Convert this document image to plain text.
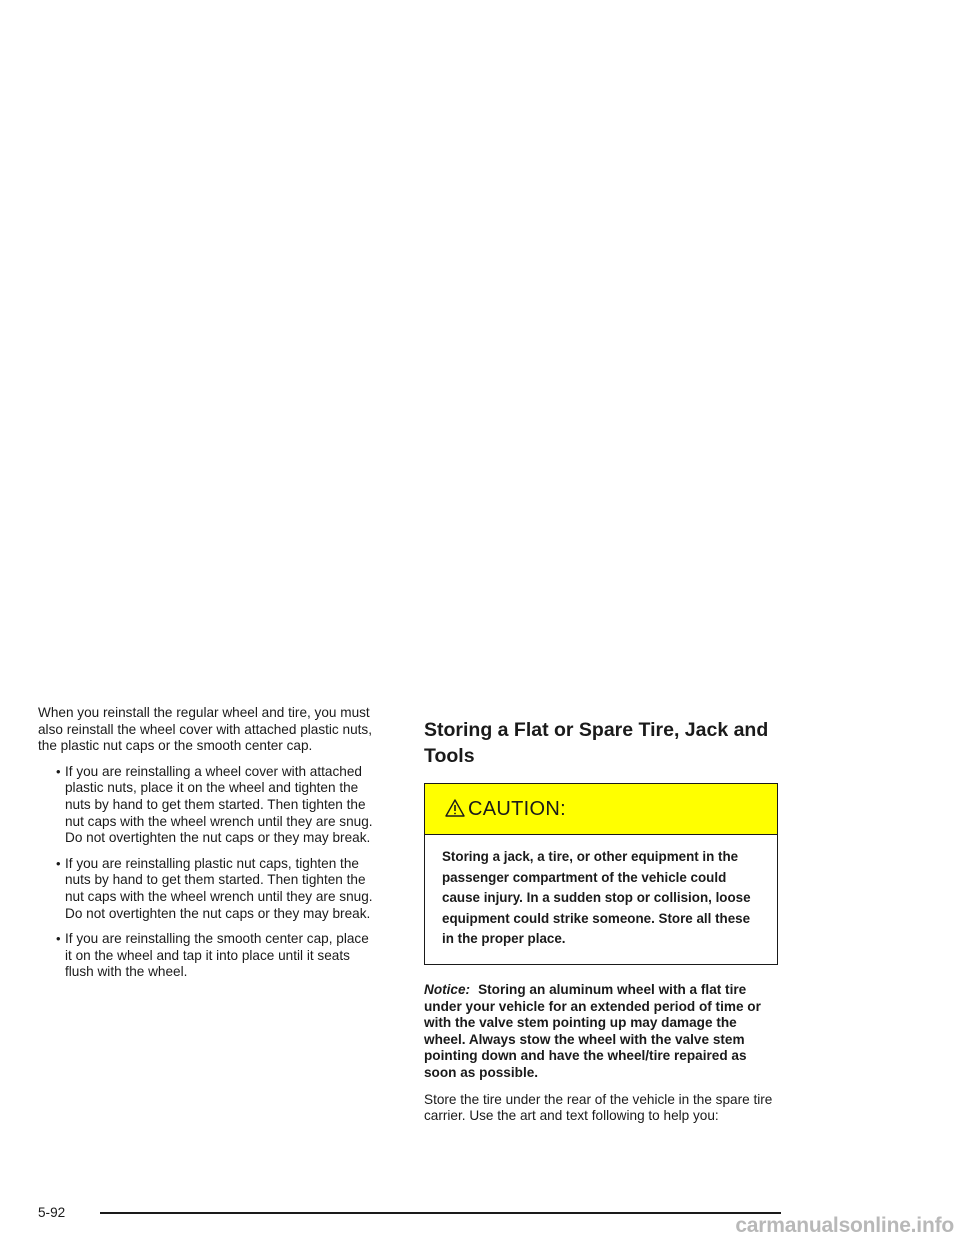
When you reinstall the regular wheel and tire, you must also reinstall the wheel cover with attached plastic nuts, the plastic nut caps or the smooth center cap.

• If you are reinstalling a wheel cover with attached plastic nuts, place it on the wheel and tighten the nuts by hand to get them started. Then tighten the nut caps with the wheel wrench until they are snug. Do not overtighten the nut caps or they may break.
• If you are reinstalling plastic nut caps, tighten the nuts by hand to get them started. Then tighten the nut caps with the wheel wrench until they are snug. Do not overtighten the nut caps or they may break.
• If you are reinstalling the smooth center cap, place it on the wheel and tap it into place until it seats flush with the wheel.
Storing a Flat or Spare Tire, Jack and Tools
CAUTION:
Storing a jack, a tire, or other equipment in the passenger compartment of the vehicle could cause injury. In a sudden stop or collision, loose equipment could strike someone. Store all these in the proper place.

Notice: Storing an aluminum wheel with a flat tire under your vehicle for an extended period of time or with the valve stem pointing up may damage the wheel. Always stow the wheel with the valve stem pointing down and have the wheel/tire repaired as soon as possible.

Store the tire under the rear of the vehicle in the spare tire carrier. Use the art and text following to help you:

5-92
carmanualsonline.info
